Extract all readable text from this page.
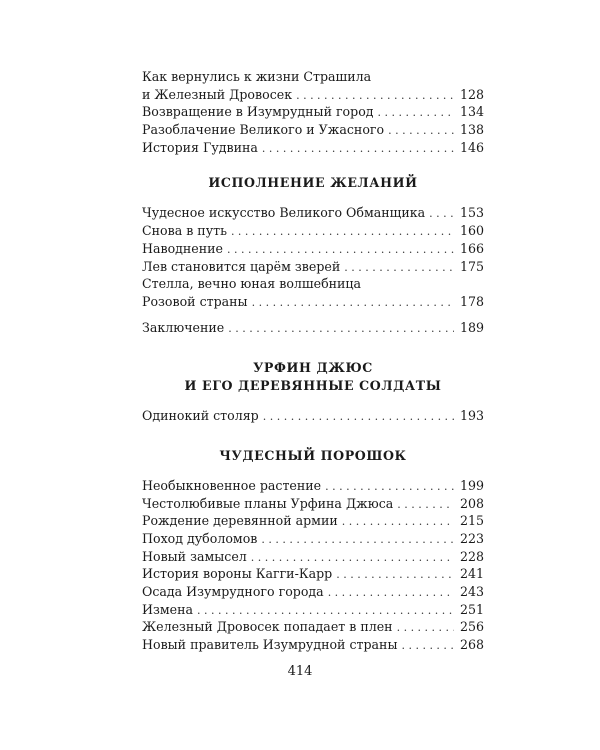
Как вернулись к жизни Страшила
и Железный Дровосек . . .	128
Возвращение в Изумрудный город . . .	134
Разоблачение Великого и Ужасного . . .	138
История Гудвина . . .	146
ИСПОЛНЕНИЕ ЖЕЛАНИЙ
Чудесное искусство Великого Обманщика . . .	153
Снова в путь . . .	160
Наводнение . . .	166
Лев становится царём зверей . . .	175
Стелла, вечно юная волшебница
Розовой страны . . .	178
Заключение . . .	189
УРФИН ДЖЮС
И ЕГО ДЕРЕВЯННЫЕ СОЛДАТЫ
Одинокий столяр . . .	193
ЧУДЕСНЫЙ ПОРОШОК
Необыкновенное растение . . .	199
Честолюбивые планы Урфина Джюса . . .	208
Рождение деревянной армии . . .	215
Поход дуболомов . . .	223
Новый замысел . . .	228
История вороны Кагги-Карр . . .	241
Осада Изумрудного города . . .	243
Измена . . .	251
Железный Дровосек попадает в плен . . .	256
Новый правитель Изумрудной страны . . .	268
414
